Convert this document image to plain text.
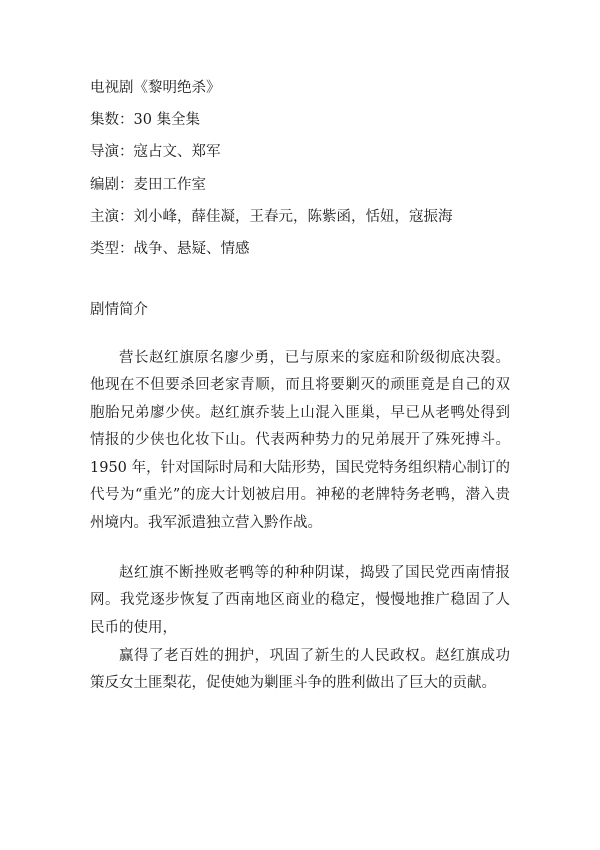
电视剧《黎明绝杀》
集数：30 集全集
导演：寇占文、郑军
编剧：麦田工作室
主演：刘小峰，薛佳凝，王春元，陈紫函，恬妞，寇振海
类型：战争、悬疑、情感
剧情简介

营长赵红旗原名廖少勇，已与原来的家庭和阶级彻底决裂。他现在不但要杀回老家青顺，而且将要剿灭的顽匪竟是自己的双胞胎兄弟廖少侠。赵红旗乔装上山混入匪巢，早已从老鸭处得到情报的少侠也化妆下山。代表两种势力的兄弟展开了殊死搏斗。1950 年，针对国际时局和大陆形势，国民党特务组织精心制订的代号为“重光”的庞大计划被启用。神秘的老牌特务老鸭，潜入贵州境内。我军派遣独立营入黔作战。

赵红旗不断挫败老鸭等的种种阴谋，捣毁了国民党西南情报网。我党逐步恢复了西南地区商业的稳定，慢慢地推广稳固了人民币的使用，

赢得了老百姓的拥护，巩固了新生的人民政权。赵红旗成功策反女土匪梨花，促使她为剿匪斗争的胜利做出了巨大的贡献。
